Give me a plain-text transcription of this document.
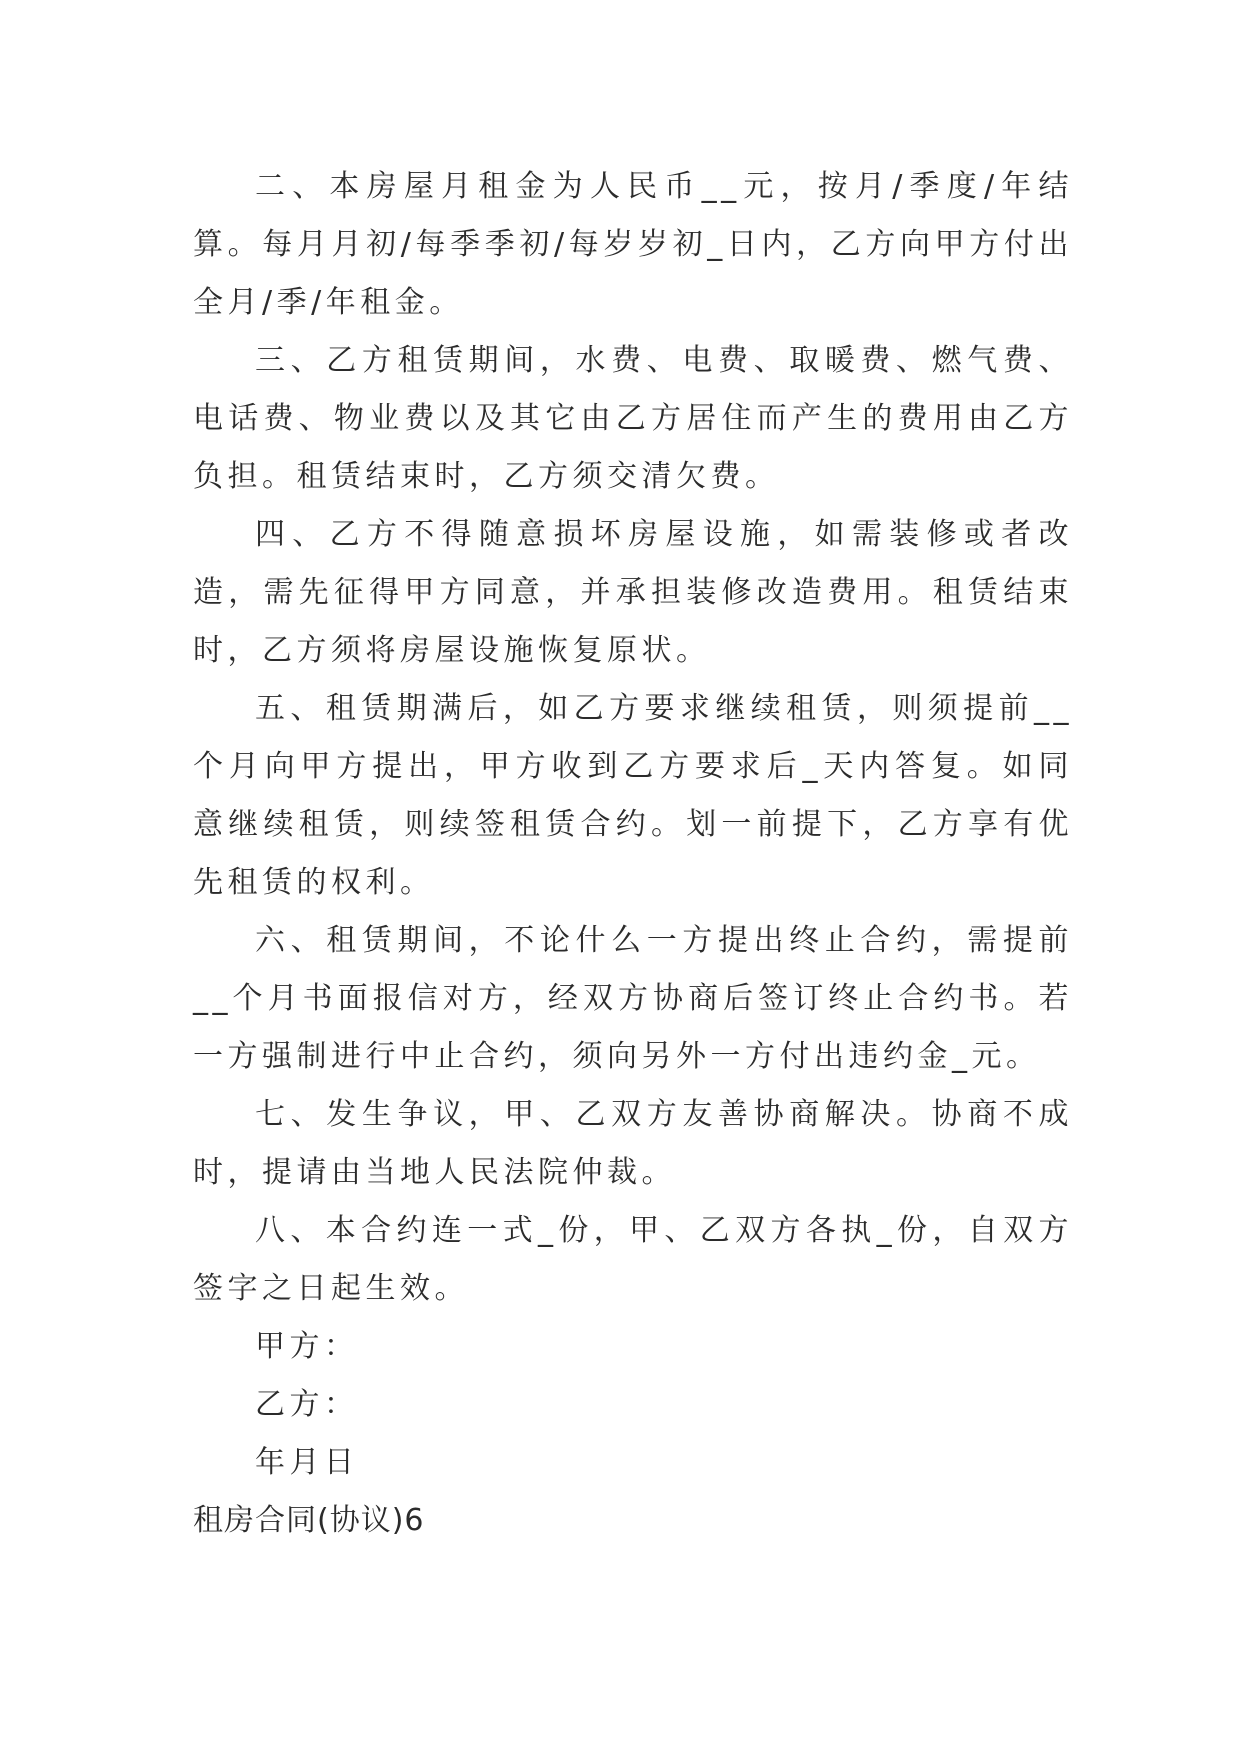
二、本房屋月租金为人民币__元，按月/季度/年结算。每月月初/每季季初/每岁岁初_日内，乙方向甲方付出全月/季/年租金。

三、乙方租赁期间，水费、电费、取暖费、燃气费、电话费、物业费以及其它由乙方居住而产生的费用由乙方负担。租赁结束时，乙方须交清欠费。

四、乙方不得随意损坏房屋设施，如需装修或者改造，需先征得甲方同意，并承担装修改造费用。租赁结束时，乙方须将房屋设施恢复原状。

五、租赁期满后，如乙方要求继续租赁，则须提前__个月向甲方提出，甲方收到乙方要求后_天内答复。如同意继续租赁，则续签租赁合约。划一前提下，乙方享有优先租赁的权利。

六、租赁期间，不论什么一方提出终止合约，需提前__个月书面报信对方，经双方协商后签订终止合约书。若一方强制进行中止合约，须向另外一方付出违约金_元。

七、发生争议，甲、乙双方友善协商解决。协商不成时，提请由当地人民法院仲裁。

八、本合约连一式_份，甲、乙双方各执_份，自双方签字之日起生效。

甲方：

乙方：

年月日

租房合同(协议)6
